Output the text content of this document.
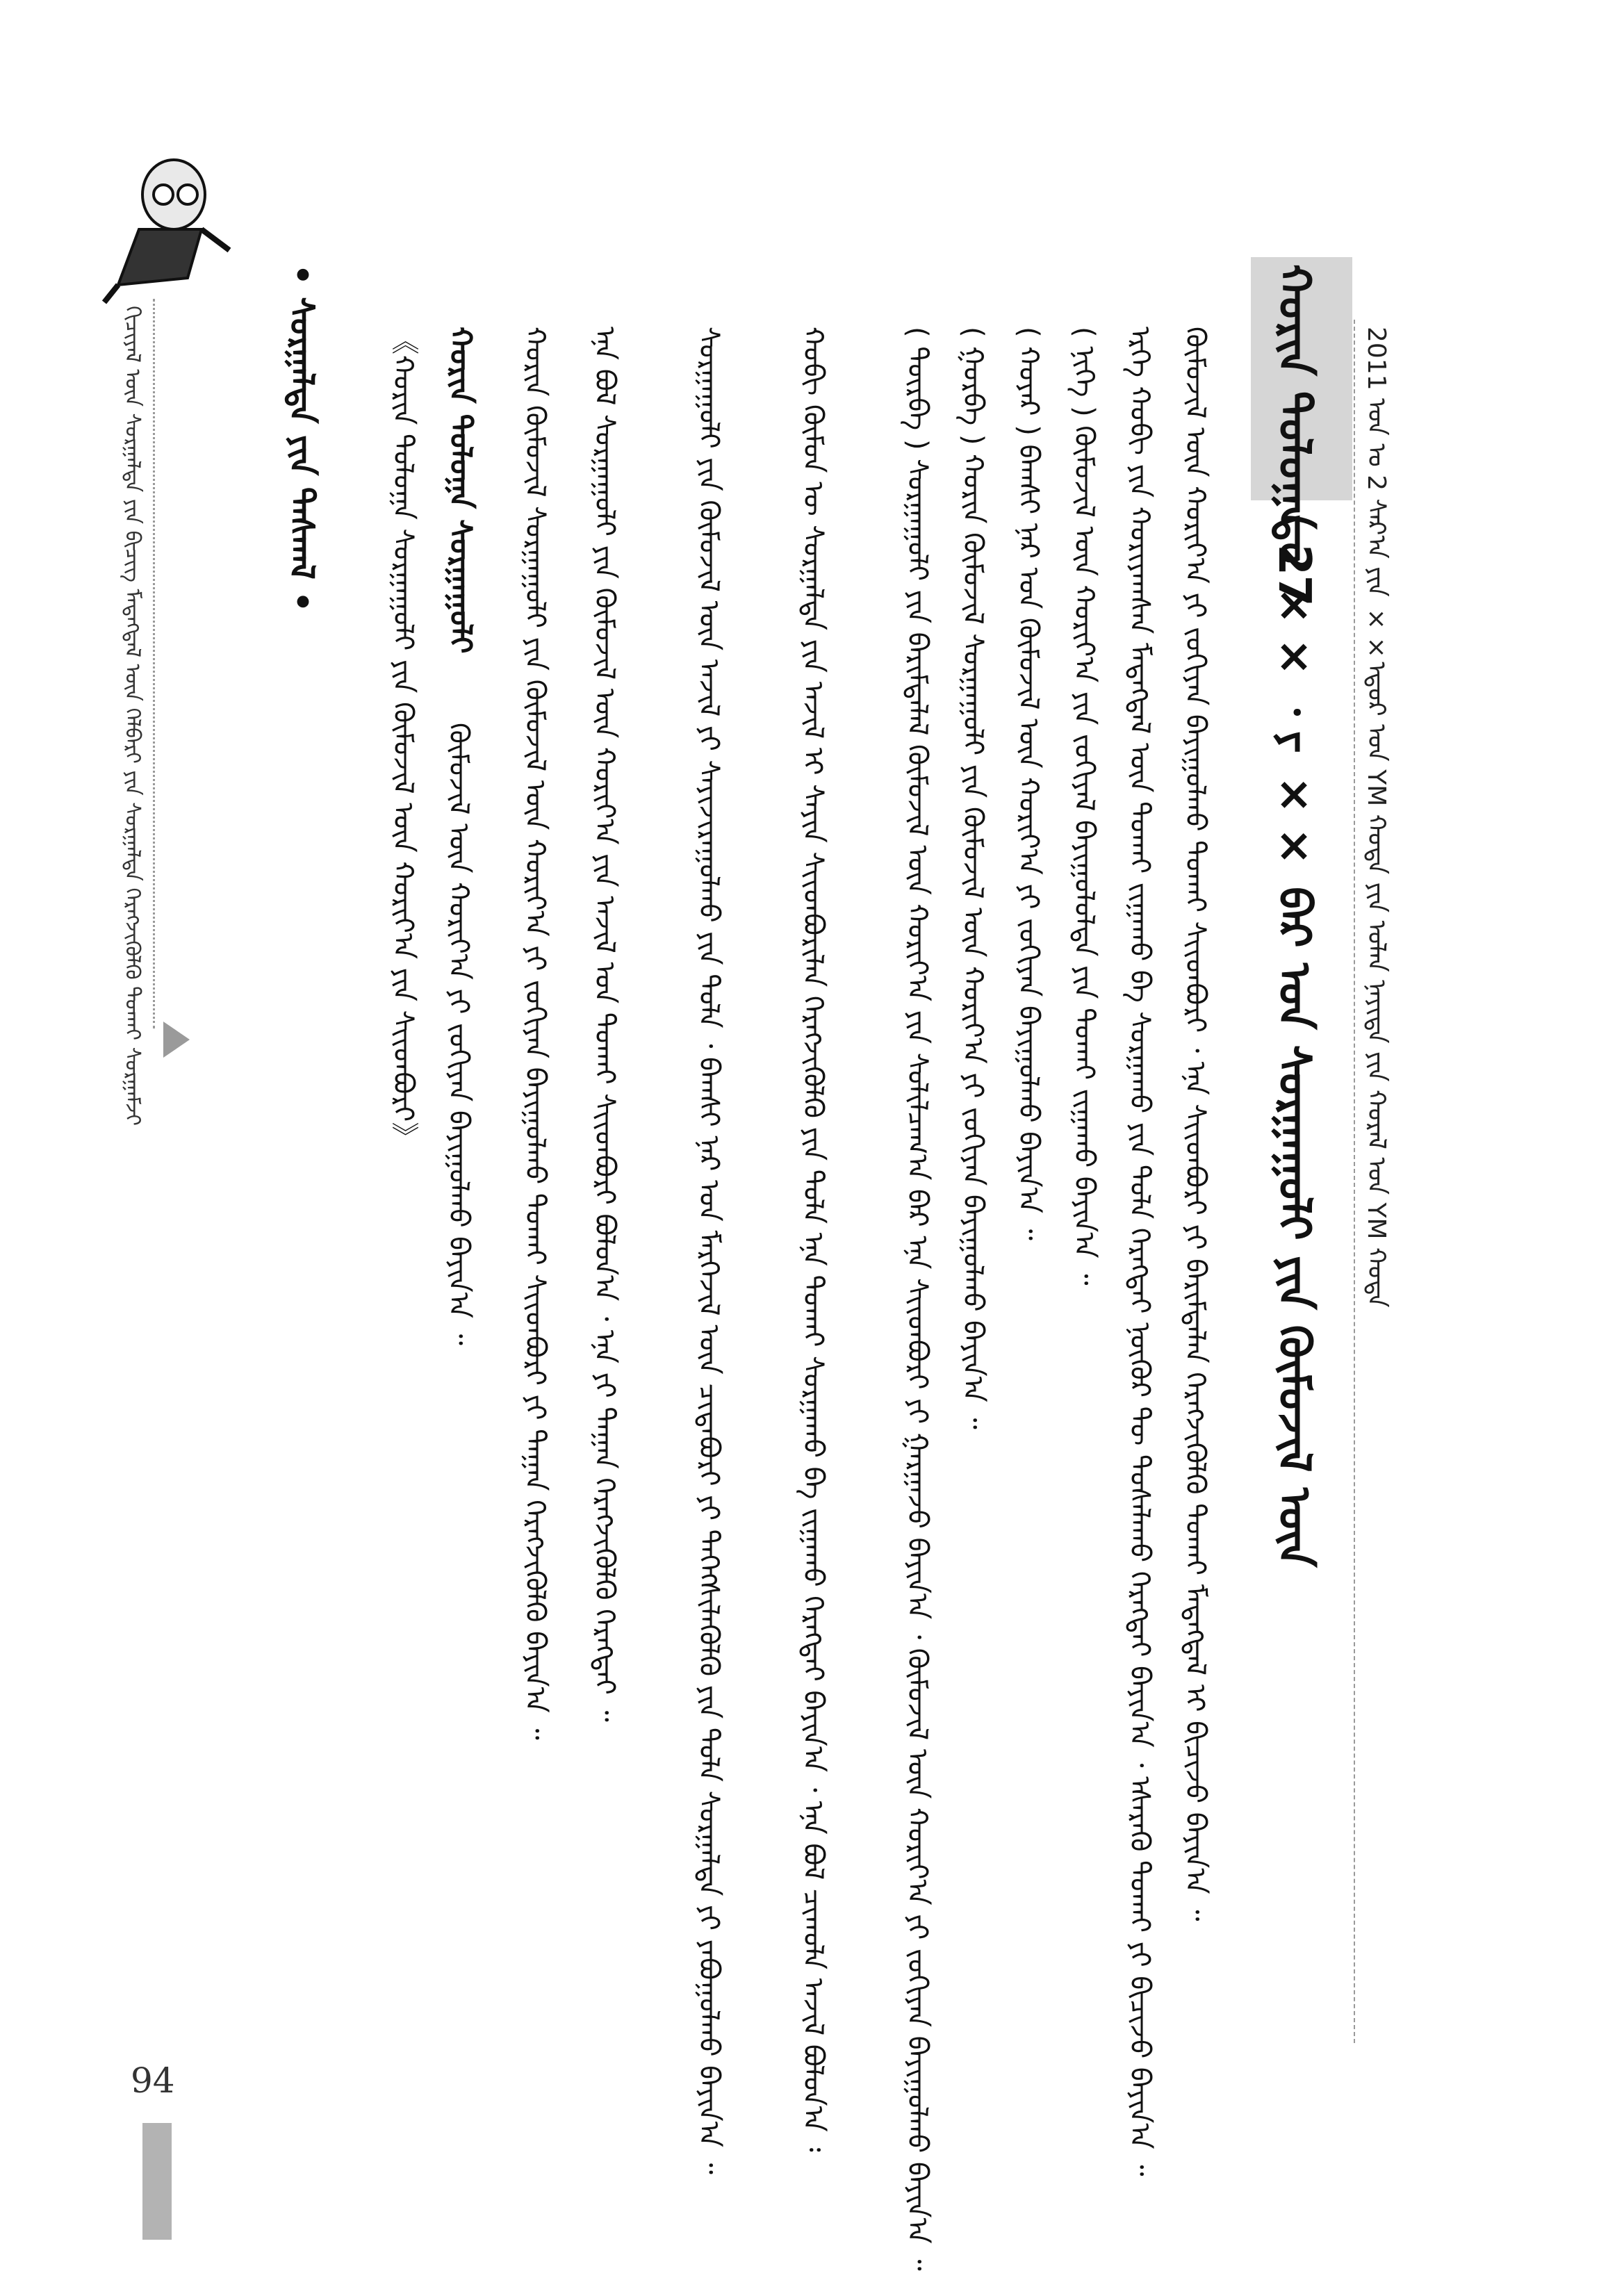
2011 ᠣᠨ ᠤ 2 ᠰᠠᠷ᠎ᠠ ᠶᠢᠨ ××ᠡᠳᠦᠷ ᠤᠨ YM ᠬᠣᠲᠠ ᠶᠢᠨ ᠣᠯᠠᠨ ᠨᠡᠶᠢᠲᠡ ᠶᠢᠨ ᠬᠤᠷᠠᠯ ᠤᠨ YM ᠬᠣᠲᠠ
ᠬᠣᠷᠢᠨ ᠳᠣᠯᠣᠭᠠ 27
ᠳᠤ ×× ᠂ ᠶ ×× ᠪᠠᠷ ᠤᠨ ᠰᠤᠷᠭᠠᠭᠤᠯᠢ ᠶᠢᠨ ᠬᠦᠮᠦᠵᠢᠯ ᠦᠨ
ᠬᠦᠮᠦᠵᠢᠯ ᠦᠨ ᠬᠣᠷᠢᠶ᠎ᠠ ᠶᠢ ᠵᠣᠬᠢᠶᠠᠨ ᠪᠠᠶᠢᠭᠤᠯᠬᠤ ᠲᠤᠬᠠᠢ ᠰᠢᠢᠳᠪᠦᠷᠢ ᠂ ᠡᠨᠡ ᠰᠢᠢᠳᠪᠦᠷᠢ ᠶᠢ ᠪᠠᠷᠢᠮᠲᠠᠯᠠᠨ ᠬᠡᠷᠡᠭᠵᠢᠭᠦᠯᠬᠦ ᠲᠤᠬᠠᠢ ᠮᠡᠳᠡᠭᠳᠡᠯ ᠢ ᠪᠢᠴᠢᠵᠦ ᠪᠠᠶᠢᠨ᠎ᠠ ᠃
ᠡᠷᠬᠡ ᠬᠤᠪᠢ ᠶᠢᠨ ᠬᠣᠷᠢᠶᠠᠭᠰᠠᠨ ᠮᠡᠳᠡᠭᠳᠡᠯ ᠦᠨ ᠲᠤᠬᠠᠢ ᠵᠢᠭᠠᠬᠤ ᠪᠠ ᠰᠤᠷᠭᠠᠬᠤ ᠶᠢᠨ ᠲᠤᠯᠠ ᠬᠡᠷᠡᠭᠲᠡᠢ ᠨᠥᠬᠥᠷ ᠲᠦ ᠲᠤᠰᠠᠯᠠᠬᠤ ᠬᠡᠷᠡᠭᠲᠡᠢ ᠪᠠᠶᠢᠨ᠎ᠠ ᠂ ᠡᠰᠡᠷᠡᠭᠦ ᠲᠤᠬᠠᠢ ᠶᠢ ᠪᠢᠴᠢᠵᠦ ᠪᠠᠶᠢᠨ᠎ᠠ ᠃
( ᠨᠢᠭᠡ ) ᠬᠦᠮᠦᠵᠢᠯ ᠦᠨ ᠬᠣᠷᠢᠶ᠎ᠠ ᠶᠢᠨ ᠵᠣᠬᠢᠶᠠᠯ ᠪᠠᠶᠢᠭᠤᠯᠤᠯᠲᠠ ᠶᠢᠨ ᠲᠤᠬᠠᠢ ᠵᠢᠭᠠᠬᠤ ᠪᠠᠶᠢᠨ᠎ᠠ ᠃
( ᠬᠣᠶᠠᠷ ) ᠪᠠᠭᠰᠢ ᠨᠠᠷ ᠤᠨ ᠬᠦᠮᠦᠵᠢᠯ ᠦᠨ ᠬᠣᠷᠢᠶ᠎ᠠ ᠶᠢ ᠵᠣᠬᠢᠶᠠᠨ ᠪᠠᠶᠢᠭᠤᠯᠬᠤ ᠪᠠᠶᠢᠨ᠎ᠠ ᠃
( ᠭᠤᠷᠪᠠ ) ᠬᠣᠷᠢᠨ ᠬᠦᠮᠦᠵᠢᠯ ᠰᠤᠷᠭᠠᠭᠤᠯᠢ ᠶᠢᠨ ᠬᠦᠮᠦᠵᠢᠯ ᠦᠨ ᠬᠣᠷᠢᠶ᠎ᠠ ᠶᠢ ᠵᠣᠬᠢᠶᠠᠨ ᠪᠠᠶᠢᠭᠤᠯᠬᠤ ᠪᠠᠶᠢᠨ᠎ᠠ ᠃
( ᠳᠥᠷᠪᠡ ) ᠰᠤᠷᠭᠠᠭᠤᠯᠢ ᠶᠢᠨ ᠪᠠᠷᠢᠮᠲᠠᠯᠠᠯ ᠬᠦᠮᠦᠵᠢᠯ ᠦᠨ ᠬᠣᠷᠢᠶ᠎ᠠ ᠶᠢᠨ ᠰᠣᠯᠢᠯᠴᠠᠭ᠎ᠠ ᠪᠠᠷ ᠡᠨᠡ ᠰᠢᠢᠳᠪᠦᠷᠢ ᠶᠢ ᠭᠠᠷᠭᠠᠵᠤ ᠪᠠᠶᠢᠨ᠎ᠠ ᠂ ᠬᠦᠮᠦᠵᠢᠯ ᠦᠨ ᠬᠣᠷᠢᠶ᠎ᠠ ᠶᠢ ᠵᠣᠬᠢᠶᠠᠨ ᠪᠠᠶᠢᠭᠤᠯᠬᠤ ᠪᠠᠶᠢᠨ᠎ᠠ ᠃
ᠬᠤᠪᠢ ᠬᠦᠮᠦᠨ ᠦ ᠰᠤᠷᠭᠠᠯᠲᠠ ᠶᠢᠨ ᠠᠵᠢᠯ ᠢ ᠰᠠᠶᠢᠨ ᠰᠢᠢᠳᠪᠦᠷᠢᠯᠡᠨ ᠬᠡᠷᠡᠭᠵᠢᠭᠦᠯᠬᠦ ᠶᠢᠨ ᠲᠤᠯᠠ ᠡᠨᠡ ᠲᠤᠬᠠᠢ ᠰᠤᠷᠭᠠᠬᠤ ᠪᠠ ᠵᠢᠭᠠᠬᠤ ᠬᠡᠷᠡᠭᠲᠡᠢ ᠪᠠᠶᠢᠨ᠎ᠠ ᠂ ᠡᠨᠡ ᠪᠣᠯ ᠴᠢᠬᠤᠯᠠ ᠠᠵᠢᠯ ᠪᠣᠯᠤᠨ᠎ᠠ ᠄
ᠰᠤᠷᠭᠠᠭᠤᠯᠢ ᠶᠢᠨ ᠬᠦᠮᠦᠵᠢᠯ ᠦᠨ ᠠᠵᠢᠯ ᠶᠢ ᠰᠠᠶᠢᠵᠢᠷᠠᠭᠤᠯᠬᠤ ᠶᠢᠨ ᠲᠤᠯᠠ ᠂ ᠪᠠᠭᠰᠢ ᠨᠠᠷ ᠤᠨ ᠮᠡᠷᠭᠡᠵᠢᠯ ᠦᠨ ᠴᠢᠳᠠᠪᠤᠷᠢ ᠶᠢ ᠳᠡᠭᠡᠭᠰᠢᠯᠡᠭᠦᠯᠬᠦ ᠶᠢᠨ ᠲᠤᠯᠠ ᠰᠤᠷᠭᠠᠯᠲᠠ ᠶᠢ ᠶᠠᠪᠤᠭᠤᠯᠬᠤ ᠪᠠᠶᠢᠨ᠎ᠠ ᠃
ᠡᠨᠡ ᠪᠣᠯ ᠰᠤᠷᠭᠠᠭᠤᠯᠢ ᠶᠢᠨ ᠬᠦᠮᠦᠵᠢᠯ ᠦᠨ ᠬᠣᠷᠢᠶ᠎ᠠ ᠶᠢᠨ ᠠᠵᠢᠯ ᠤᠨ ᠲᠤᠬᠠᠢ ᠰᠢᠢᠳᠪᠦᠷᠢ ᠪᠣᠯᠤᠨ᠎ᠠ ᠂ ᠡᠨᠡ ᠶᠢ ᠳᠠᠭᠠᠨ ᠬᠡᠷᠡᠭᠵᠢᠭᠦᠯᠬᠦ ᠬᠡᠷᠡᠭᠲᠡᠢ ᠃
ᠬᠣᠷᠢᠨ ᠬᠦᠮᠦᠵᠢᠯ ᠰᠤᠷᠭᠠᠭᠤᠯᠢ ᠶᠢᠨ ᠬᠦᠮᠦᠵᠢᠯ ᠦᠨ ᠬᠣᠷᠢᠶ᠎ᠠ ᠶᠢ ᠵᠣᠬᠢᠶᠠᠨ ᠪᠠᠶᠢᠭᠤᠯᠬᠤ ᠲᠤᠬᠠᠢ ᠰᠢᠢᠳᠪᠦᠷᠢ ᠶᠢ ᠳᠠᠭᠠᠨ ᠬᠡᠷᠡᠭᠵᠢᠭᠦᠯᠬᠦ ᠪᠠᠶᠢᠨ᠎ᠠ ᠃
ᠬᠣᠷᠢᠨ ᠳᠣᠯᠣᠭᠠ ᠰᠤᠷᠭᠠᠭᠤᠯᠢ
ᠬᠦᠮᠦᠵᠢᠯ ᠦᠨ ᠬᠣᠷᠢᠶ᠎ᠠ ᠶᠢ ᠵᠣᠬᠢᠶᠠᠨ ᠪᠠᠶᠢᠭᠤᠯᠬᠤ ᠪᠠᠶᠢᠨ᠎ᠠ ᠃
《ᠬᠣᠷᠢᠨ ᠳᠣᠯᠣᠭᠠ ᠰᠤᠷᠭᠠᠭᠤᠯᠢ ᠶᠢᠨ ᠬᠦᠮᠦᠵᠢᠯ ᠦᠨ ᠬᠣᠷᠢᠶ᠎ᠠ ᠶᠢᠨ ᠰᠢᠢᠳᠪᠦᠷᠢ》
ᠬᠢᠴᠢᠶᠡᠯ ᠦᠨ ᠰᠤᠷᠭᠠᠯᠲᠠ ᠶᠢᠨ ᠪᠢᠴᠢᠭ ᠮᠡᠳᠡᠭᠳᠡᠯ ᠦᠨ ᠬᠡᠯᠪᠡᠷᠢ ᠶᠢᠨ ᠰᠤᠷᠭᠠᠯᠲᠠ ᠬᠡᠷᠡᠭᠵᠢᠭᠦᠯᠬᠦ ᠲᠤᠬᠠᠢ ᠰᠤᠷᠭᠠᠮᠵᠢ	• ᠰᠤᠷᠭᠠᠯᠲᠠ ᠶᠢᠨ ᠳᠠᠰᠬᠠᠯ •
94
